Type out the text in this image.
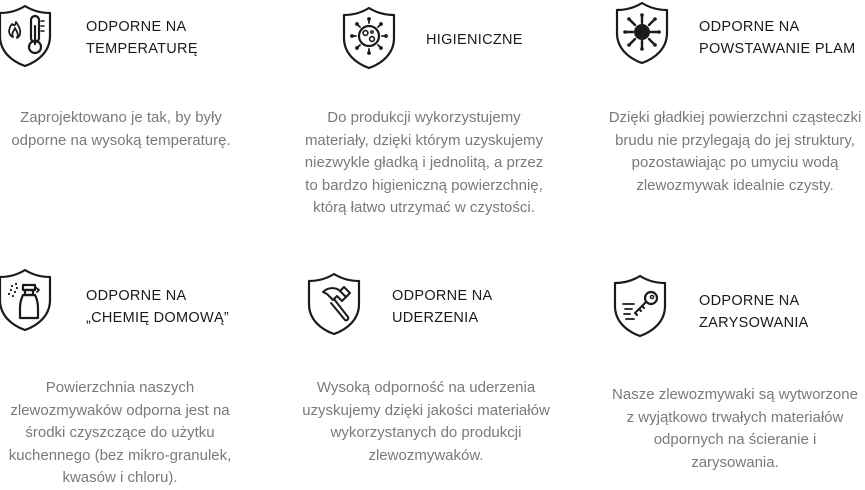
ODPORNE NA
TEMPERATURĘ
Zaprojektowano je tak, by były
odporne na wysoką temperaturę.
HIGIENICZNE
Do produkcji wykorzystujemy
materiały, dzięki którym uzyskujemy
niezwykle gładką i jednolitą, a przez
to bardzo higieniczną powierzchnię,
którą łatwo utrzymać w czystości.
ODPORNE NA
POWSTAWANIE PLAM
Dzięki gładkiej powierzchni cząsteczki
brudu nie przylegają do jej struktury,
pozostawiając po umyciu wodą
zlewozmywak idealnie czysty.
ODPORNE NA
„CHEMIĘ DOMOWĄ”
Powierzchnia naszych
zlewozmywaków odporna jest na
środki czyszczące do użytku
kuchennego (bez mikro-granulek,
kwasów i chloru).
ODPORNE NA
UDERZENIA
Wysoką odporność na uderzenia
uzyskujemy dzięki jakości materiałów
wykorzystanych do produkcji
zlewozmywaków.
ODPORNE NA
ZARYSOWANIA
Nasze zlewozmywaki są wytworzone
z wyjątkowo trwałych materiałów
odpornych na ścieranie i
zarysowania.
